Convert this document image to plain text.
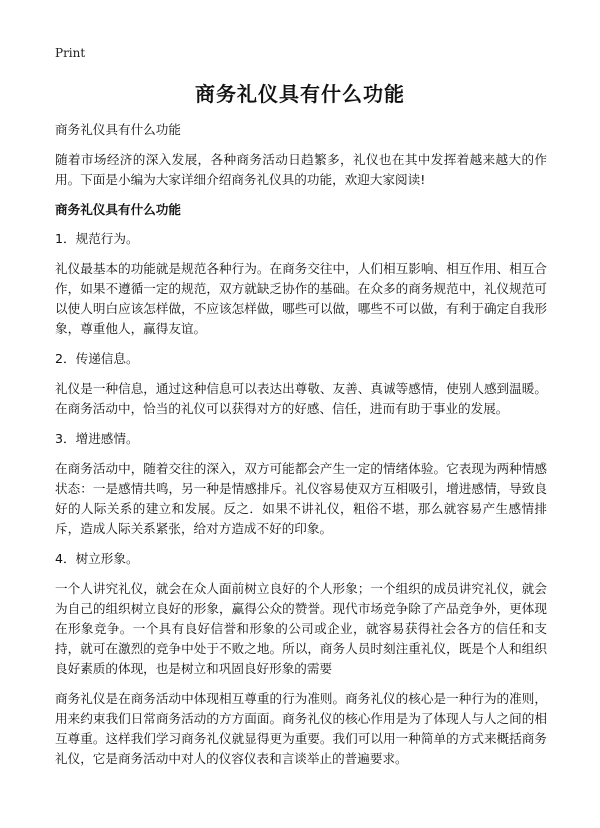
Print
商务礼仪具有什么功能

商务礼仪具有什么功能

随着市场经济的深入发展，各种商务活动日趋繁多，礼仪也在其中发挥着越来越大的作用。下面是小编为大家详细介绍商务礼仪具的功能，欢迎大家阅读!

商务礼仪具有什么功能

1．规范行为。

礼仪最基本的功能就是规范各种行为。在商务交往中，人们相互影响、相互作用、相互合作，如果不遵循一定的规范，双方就缺乏协作的基础。在众多的商务规范中，礼仪规范可以使人明白应该怎样做，不应该怎样做，哪些可以做，哪些不可以做，有利于确定自我形象，尊重他人，赢得友谊。

2．传递信息。

礼仪是一种信息，通过这种信息可以表达出尊敬、友善、真诚等感情，使别人感到温暖。在商务活动中，恰当的礼仪可以获得对方的好感、信任，进而有助于事业的发展。

3．增进感情。

在商务活动中，随着交往的深入，双方可能都会产生一定的情绪体验。它表现为两种情感状态：一是感情共鸣，另一种是情感排斥。礼仪容易使双方互相吸引，增进感情，导致良好的人际关系的建立和发展。反之．如果不讲礼仪，粗俗不堪，那么就容易产生感情排斥，造成人际关系紧张，给对方造成不好的印象。

4．树立形象。

一个人讲究礼仪，就会在众人面前树立良好的个人形象；一个组织的成员讲究礼仪，就会为自己的组织树立良好的形象，赢得公众的赞誉。现代市场竞争除了产品竞争外，更体现在形象竞争。一个具有良好信誉和形象的公司或企业，就容易获得社会各方的信任和支持，就可在激烈的竞争中处于不败之地。所以，商务人员时刻注重礼仪，既是个人和组织良好素质的体现，也是树立和巩固良好形象的需要

商务礼仪是在商务活动中体现相互尊重的行为准则。商务礼仪的核心是一种行为的准则，用来约束我们日常商务活动的方方面面。商务礼仪的核心作用是为了体现人与人之间的相互尊重。这样我们学习商务礼仪就显得更为重要。我们可以用一种简单的方式来概括商务礼仪，它是商务活动中对人的仪容仪表和言谈举止的普遍要求。
